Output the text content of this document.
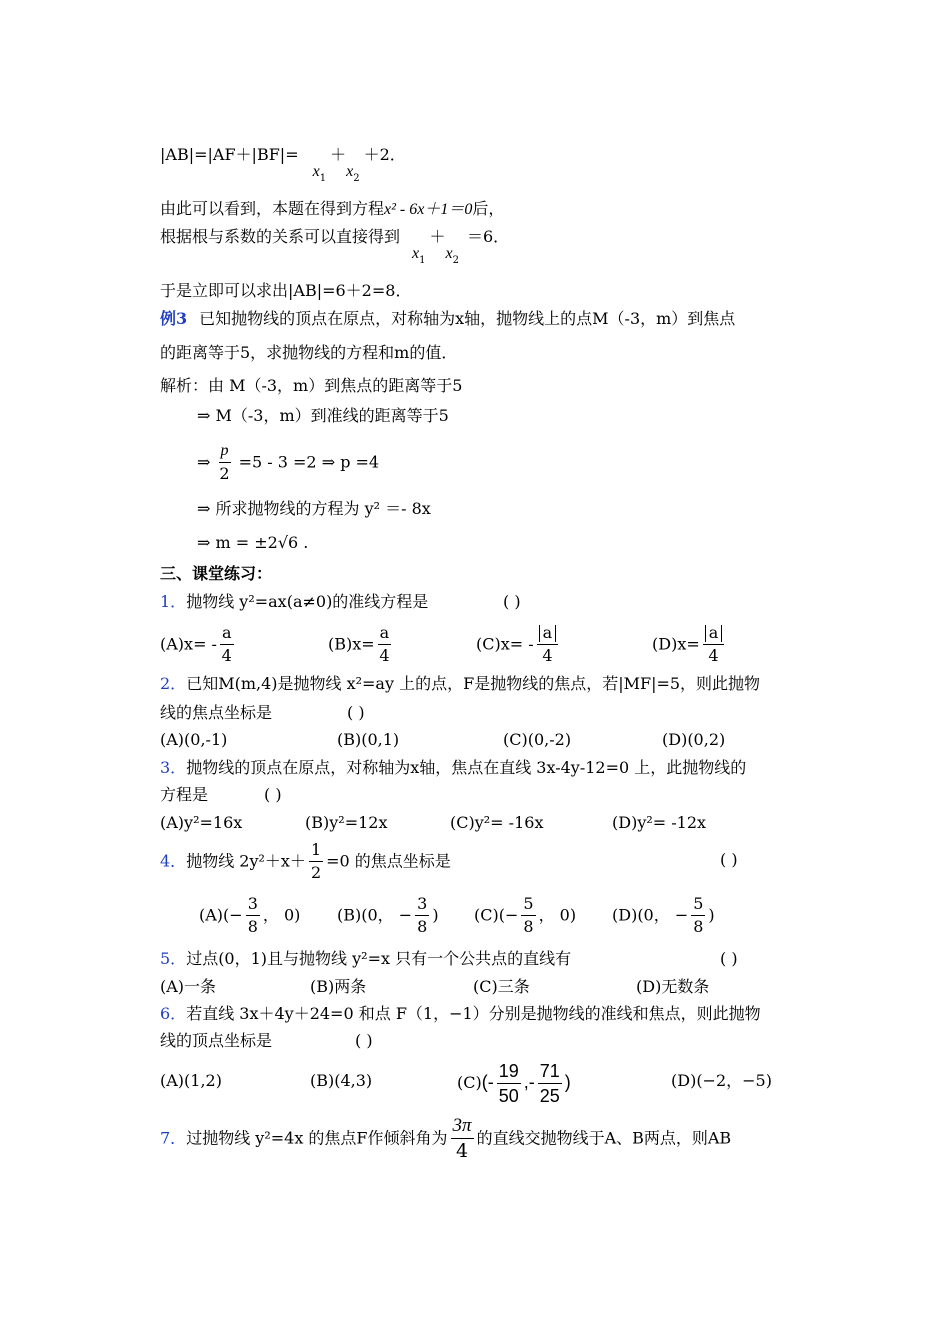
$|AB|=|AF+|BF|=x_1+x_2+2$．
由此可以看到，本题在得到方程x² - 6x＋1＝0后，
根据根与系数的关系可以直接得到$x_1+x_2=6$．
于是立即可以求出|AB|=6＋2=8．
例3 已知抛物线的顶点在原点，对称轴为x轴，抛物线上的点M（-3，m）到焦点
的距离等于5，求抛物线的方程和m的值．
解析：由 M（-3，m）到焦点的距离等于5
⇒ M（-3，m）到准线的距离等于5
⇒ $\frac{p}{2} =5 - 3 =2$ ⇒ p =4
⇒ 所求抛物线的方程为 y² ＝- 8x
⇒ m = ±2√6 .
三、课堂练习：
1．抛物线 y²=ax(a≠0)的准线方程是	( )
$(A)x= - \frac{a}{4}$	$(B)x= \frac{a}{4}$	$(C)x= - \frac{a}{4}$	$(D)x= \frac{a}{4}$
2．已知M(m,4)是抛物线 x²=ay 上的点，F是抛物线的焦点，若|MF|=5，则此抛物
线的焦点坐标是	( )
(A)(0,-1)	(B)(0,1)	(C)(0,-2)	(D)(0,2)
3．抛物线的顶点在原点，对称轴为x轴，焦点在直线 3x-4y-12=0 上，此抛物线的
方程是	( )
(A)y²=16x	(B)y²=12x	(C)y²= -16x	(D)y²= -12x
4．抛物线 $2y^2+x+ \frac{1}{2} =0$ 的焦点坐标是	( )
$(A)(- \frac{3}{8}$ ， 0) (B)(0， − $\frac{3}{8}$ ) $(C)(- \frac{5}{8}$ ， 0) (D)(0， − $\frac{5}{8}$ )
5．过点(0，1)且与抛物线 y²=x 只有一个公共点的直线有	( )
(A)一条	(B)两条	(C)三条	(D)无数条
6．若直线 3x＋4y＋24=0 和点 F（1，−1）分别是抛物线的准线和焦点，则此抛物
线的顶点坐标是	( )
(A)(1,2)	(B)(4,3)	$(C)(- \frac{19}{50}$ ,- $\frac{71}{25}$ )	(D)(−2，−5)
7．过抛物线 y²=4x 的焦点F作倾斜角为 $\frac{3\pi}{4}$ 的直线交抛物线于A、B两点，则AB
